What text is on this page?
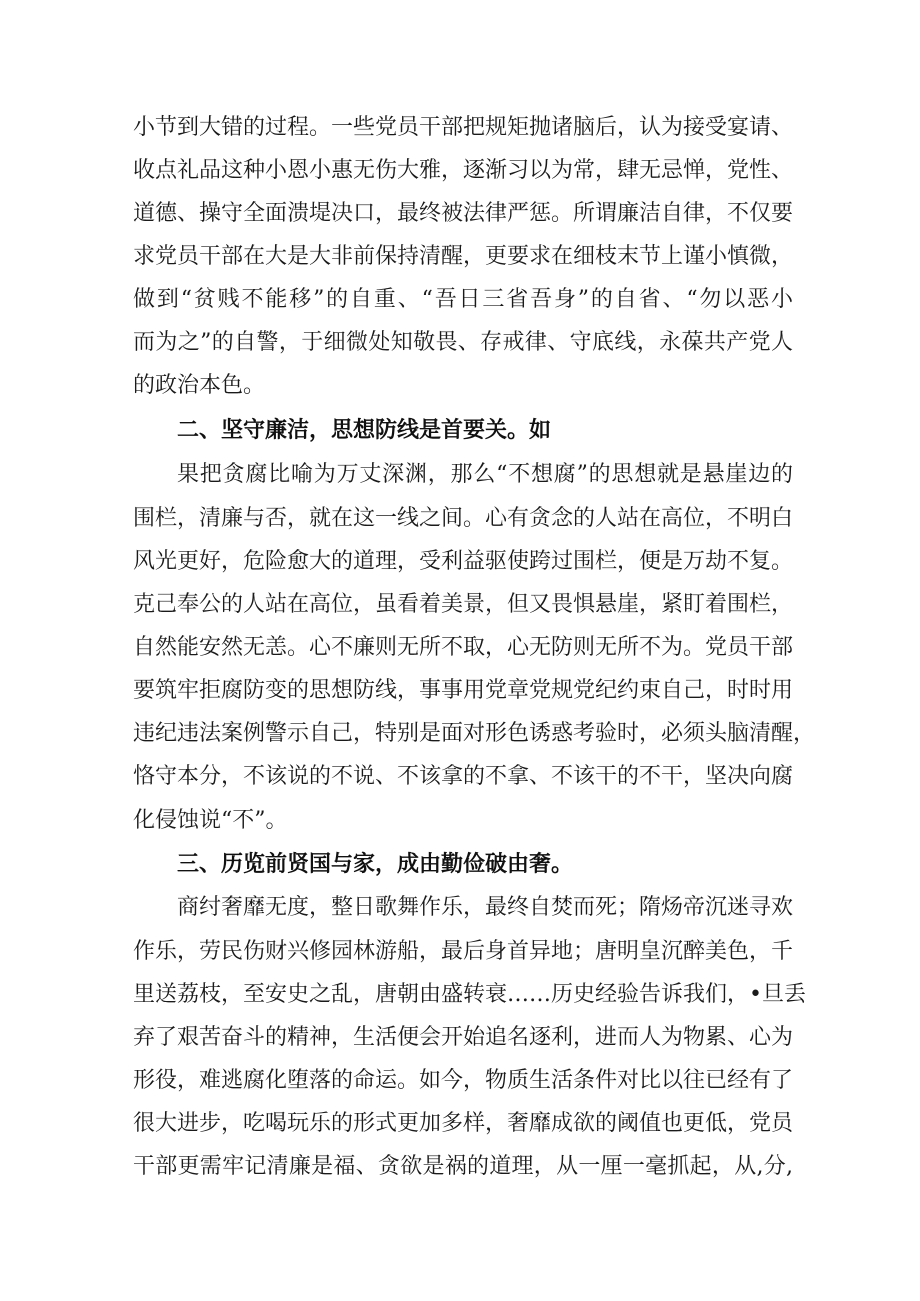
小节到大错的过程。一些党员干部把规矩抛诸脑后，认为接受宴请、
收点礼品这种小恩小惠无伤大雅，逐渐习以为常，肆无忌惮，党性、
道德、操守全面溃堤决口，最终被法律严惩。所谓廉洁自律，不仅要
求党员干部在大是大非前保持清醒，更要求在细枝末节上谨小慎微，
做到“贫贱不能移”的自重、“吾日三省吾身”的自省、“勿以恶小
而为之”的自警，于细微处知敬畏、存戒律、守底线，永葆共产党人
的政治本色。
二、坚守廉洁，思想防线是首要关。如
果把贪腐比喻为万丈深渊，那么“不想腐”的思想就是悬崖边的
围栏，清廉与否，就在这一线之间。心有贪念的人站在高位，不明白
风光更好，危险愈大的道理，受利益驱使跨过围栏，便是万劫不复。
克己奉公的人站在高位，虽看着美景，但又畏惧悬崖，紧盯着围栏，
自然能安然无恙。心不廉则无所不取，心无防则无所不为。党员干部
要筑牢拒腐防变的思想防线，事事用党章党规党纪约束自己，时时用
违纪违法案例警示自己，特别是面对形色诱惑考验时，必须头脑清醒，
恪守本分，不该说的不说、不该拿的不拿、不该干的不干，坚决向腐
化侵蚀说“不”。
三、历览前贤国与家，成由勤俭破由奢。
商纣奢靡无度，整日歌舞作乐，最终自焚而死；隋炀帝沉迷寻欢
作乐，劳民伤财兴修园林游船，最后身首异地；唐明皇沉醉美色，千
里送荔枝，至安史之乱，唐朝由盛转衰……历史经验告诉我们，•旦丢
弃了艰苦奋斗的精神，生活便会开始追名逐利，进而人为物累、心为
形役，难逃腐化堕落的命运。如今，物质生活条件对比以往已经有了
很大进步，吃喝玩乐的形式更加多样，奢靡成欲的阈值也更低，党员
干部更需牢记清廉是福、贪欲是祸的道理，从一厘一毫抓起，从,分,
